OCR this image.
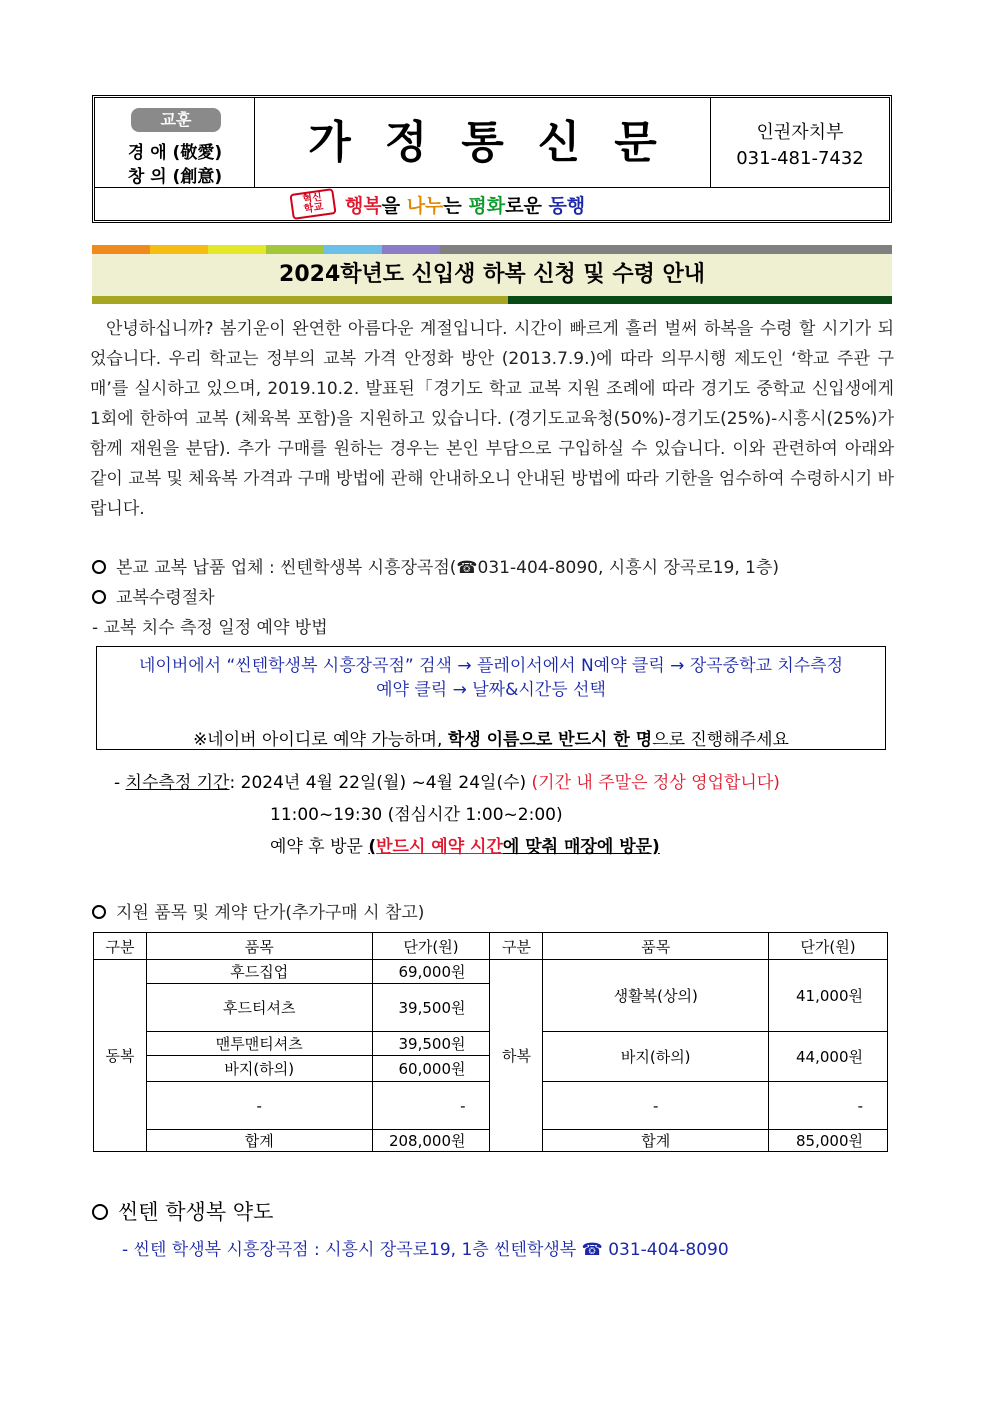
교훈
경 애 (敬愛)
창 의 (創意)
가정통신문	인권자치부
031-481-7432
혁신
학교	행복을 나누는 평화로운 동행
2024학년도 신입생 하복 신청 및 수령 안내
안녕하십니까? 봄기운이 완연한 아름다운 계절입니다. 시간이 빠르게 흘러 벌써 하복을 수령 할 시기가 되었습니다. 우리 학교는 정부의 교복 가격 안정화 방안 (2013.7.9.)에 따라 의무시행 제도인 ‘학교 주관 구매’를 실시하고 있으며, 2019.10.2. 발표된「경기도 학교 교복 지원 조례에 따라 경기도 중학교 신입생에게 1회에 한하여 교복 (체육복 포함)을 지원하고 있습니다. (경기도교육청(50%)-경기도(25%)-시흥시(25%)가 함께 재원을 분담). 추가 구매를 원하는 경우는 본인 부담으로 구입하실 수 있습니다. 이와 관련하여 아래와 같이 교복 및 체육복 가격과 구매 방법에 관해 안내하오니 안내된 방법에 따라 기한을 엄수하여 수령하시기 바랍니다.
본교 교복 납품 업체 : 씬텐학생복 시흥장곡점(☎031-404-8090, 시흥시 장곡로19, 1층)
교복수령절차
- 교복 치수 측정 일정 예약 방법
네이버에서 “씬텐학생복 시흥장곡점” 검색 → 플레이서에서 N예약 클릭 → 장곡중학교 치수측정
예약 클릭 → 날짜&시간등 선택
※네이버 아이디로 예약 가능하며, 학생 이름으로 반드시 한 명으로 진행해주세요
- 치수측정 기간: 2024년 4월 22일(월) ~4월 24일(수) (기간 내 주말은 정상 영업합니다)
11:00~19:30 (점심시간 1:00~2:00)
예약 후 방문 (반드시 예약 시간에 맞춰 매장에 방문)
지원 품목 및 계약 단가(추가구매 시 참고)
구분	품목	단가(원)	구분	품목	단가(원)
동복	후드집업	69,000원	하복	생활복(상의)	41,000원
	후드티셔츠	39,500원			
	맨투맨티셔츠	39,500원		바지(하의)	44,000원
	바지(하의)	60,000원			
	-	-		-	-
	합계	208,000원		합계	85,000원
씬텐 학생복 약도
- 씬텐 학생복 시흥장곡점 : 시흥시 장곡로19, 1층 씬텐학생복 ☎ 031-404-8090
